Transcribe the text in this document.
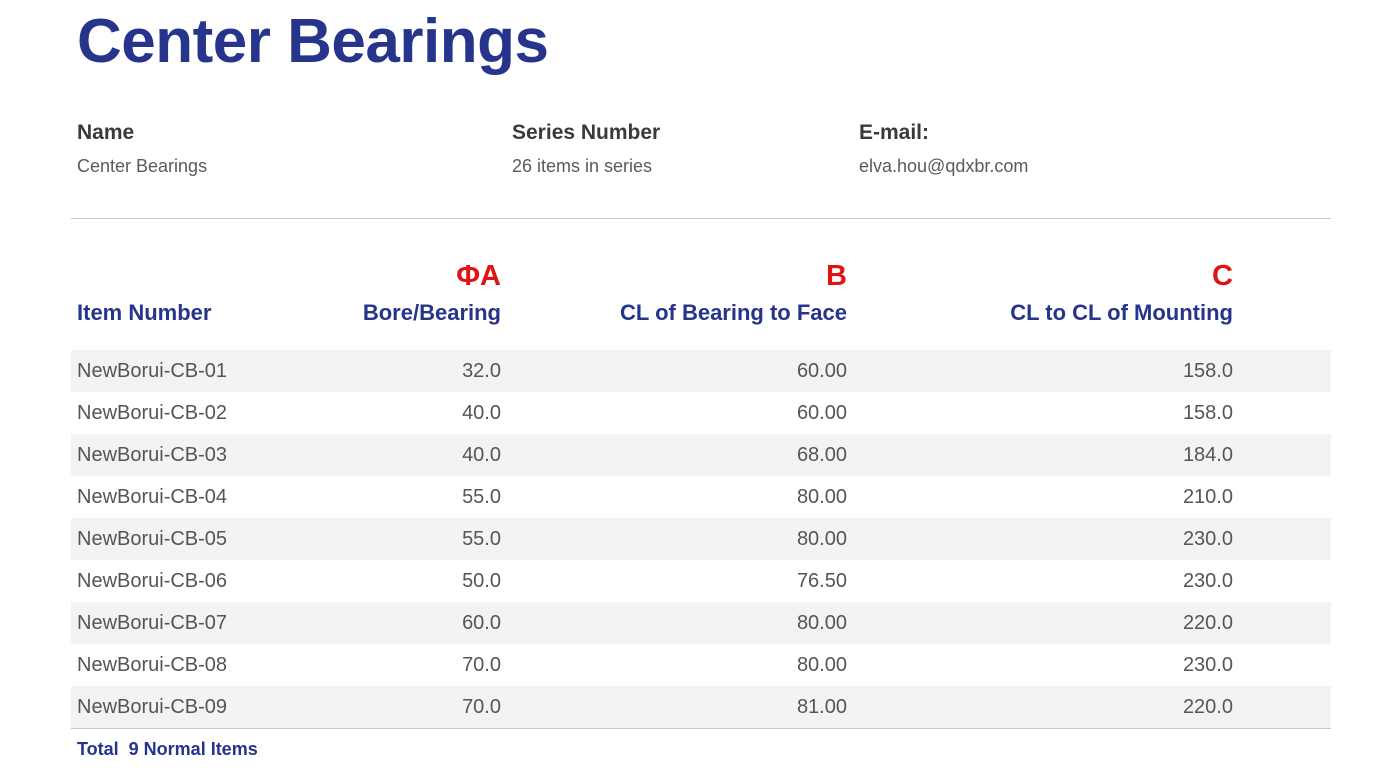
Center Bearings
Name
Center Bearings
Series Number
26 items in series
E-mail:
elva.hou@qdxbr.com
	ΦA	B	C	
Item Number	Bore/Bearing	CL of Bearing to Face	CL to CL of Mounting	
NewBorui-CB-01	32.0	60.00	158.0	
NewBorui-CB-02	40.0	60.00	158.0	
NewBorui-CB-03	40.0	68.00	184.0	
NewBorui-CB-04	55.0	80.00	210.0	
NewBorui-CB-05	55.0	80.00	230.0	
NewBorui-CB-06	50.0	76.50	230.0	
NewBorui-CB-07	60.0	80.00	220.0	
NewBorui-CB-08	70.0	80.00	230.0	
NewBorui-CB-09	70.0	81.00	220.0	
Total  9 Normal Items
